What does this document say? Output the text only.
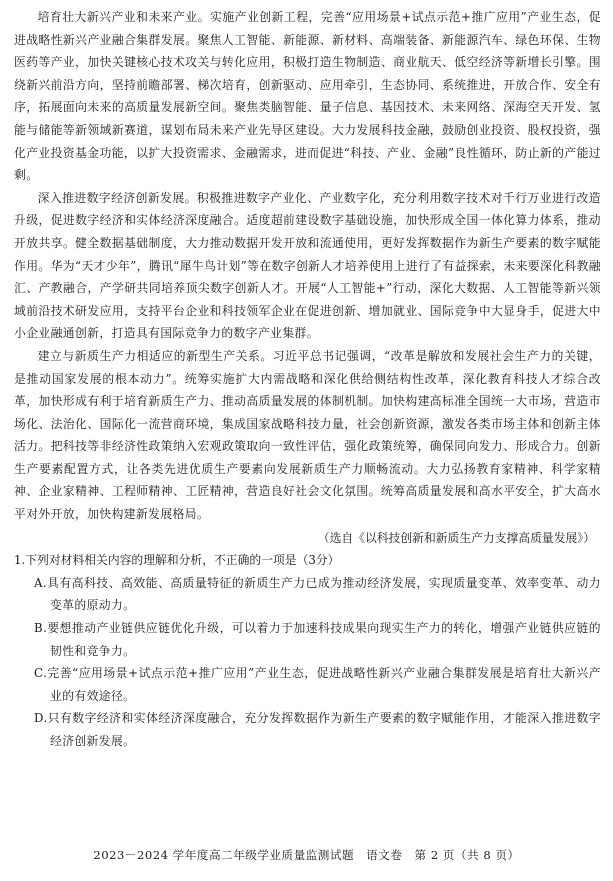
培育壮大新兴产业和未来产业。实施产业创新工程，完善“应用场景+试点示范+推广应用”产业生态，促进战略性新兴产业融合集群发展。聚焦人工智能、新能源、新材料、高端装备、新能源汽车、绿色环保、生物医药等产业，加快关键核心技术攻关与转化应用，积极打造生物制造、商业航天、低空经济等新增长引擎。围绕新兴前沿方向，坚持前瞻部署、梯次培育，创新驱动、应用牵引，生态协同、系统推进，开放合作、安全有序，拓展面向未来的高质量发展新空间。聚焦类脑智能、量子信息、基因技术、未来网络、深海空天开发、氢能与储能等新领域新赛道，谋划布局未来产业先导区建设。大力发展科技金融，鼓励创业投资、股权投资，强化产业投资基金功能，以扩大投资需求、金融需求，进而促进“科技、产业、金融”良性循环，防止新的产能过剩。

深入推进数字经济创新发展。积极推进数字产业化、产业数字化，充分利用数字技术对千行万业进行改造升级，促进数字经济和实体经济深度融合。适度超前建设数字基础设施，加快形成全国一体化算力体系，推动开放共享。健全数据基础制度，大力推动数据开发开放和流通使用，更好发挥数据作为新生产要素的数字赋能作用。华为“天才少年”，腾讯“犀牛鸟计划”等在数字创新人才培养使用上进行了有益探索，未来要深化科教融汇、产教融合，产学研共同培养顶尖数字创新人才。开展“人工智能+”行动，深化大数据、人工智能等新兴领域前沿技术研发应用，支持平台企业和科技领军企业在促进创新、增加就业、国际竞争中大显身手，促进大中小企业融通创新，打造具有国际竞争力的数字产业集群。

建立与新质生产力相适应的新型生产关系。习近平总书记强调，“改革是解放和发展社会生产力的关键，是推动国家发展的根本动力”。统筹实施扩大内需战略和深化供给侧结构性改革，深化教育科技人才综合改革，加快形成有利于培育新质生产力、推动高质量发展的体制机制。加快构建高标准全国统一大市场，营造市场化、法治化、国际化一流营商环境，集成国家战略科技力量，社会创新资源，激发各类市场主体和创新主体活力。把科技等非经济性政策纳入宏观政策取向一致性评估，强化政策统筹，确保同向发力、形成合力。创新生产要素配置方式，让各类先进优质生产要素向发展新质生产力顺畅流动。大力弘扬教育家精神、科学家精神、企业家精神、工程师精神、工匠精神，营造良好社会文化氛围。统筹高质量发展和高水平安全，扩大高水平对外开放，加快构建新发展格局。

（选自《以科技创新和新质生产力支撑高质量发展》）

1.下列对材料相关内容的理解和分析，不正确的一项是（3分）

A.具有高科技、高效能、高质量特征的新质生产力已成为推动经济发展，实现质量变革、效率变革、动力变革的原动力。

B.要想推动产业链供应链优化升级，可以着力于加速科技成果向现实生产力的转化，增强产业链供应链的韧性和竞争力。

C.完善“应用场景+试点示范+推广应用”产业生态，促进战略性新兴产业融合集群发展是培育壮大新兴产业的有效途径。

D.只有数字经济和实体经济深度融合，充分发挥数据作为新生产要素的数字赋能作用，才能深入推进数字经济创新发展。

2023－2024 学年度高二年级学业质量监测试题　语文卷　第 2 页（共 8 页）
